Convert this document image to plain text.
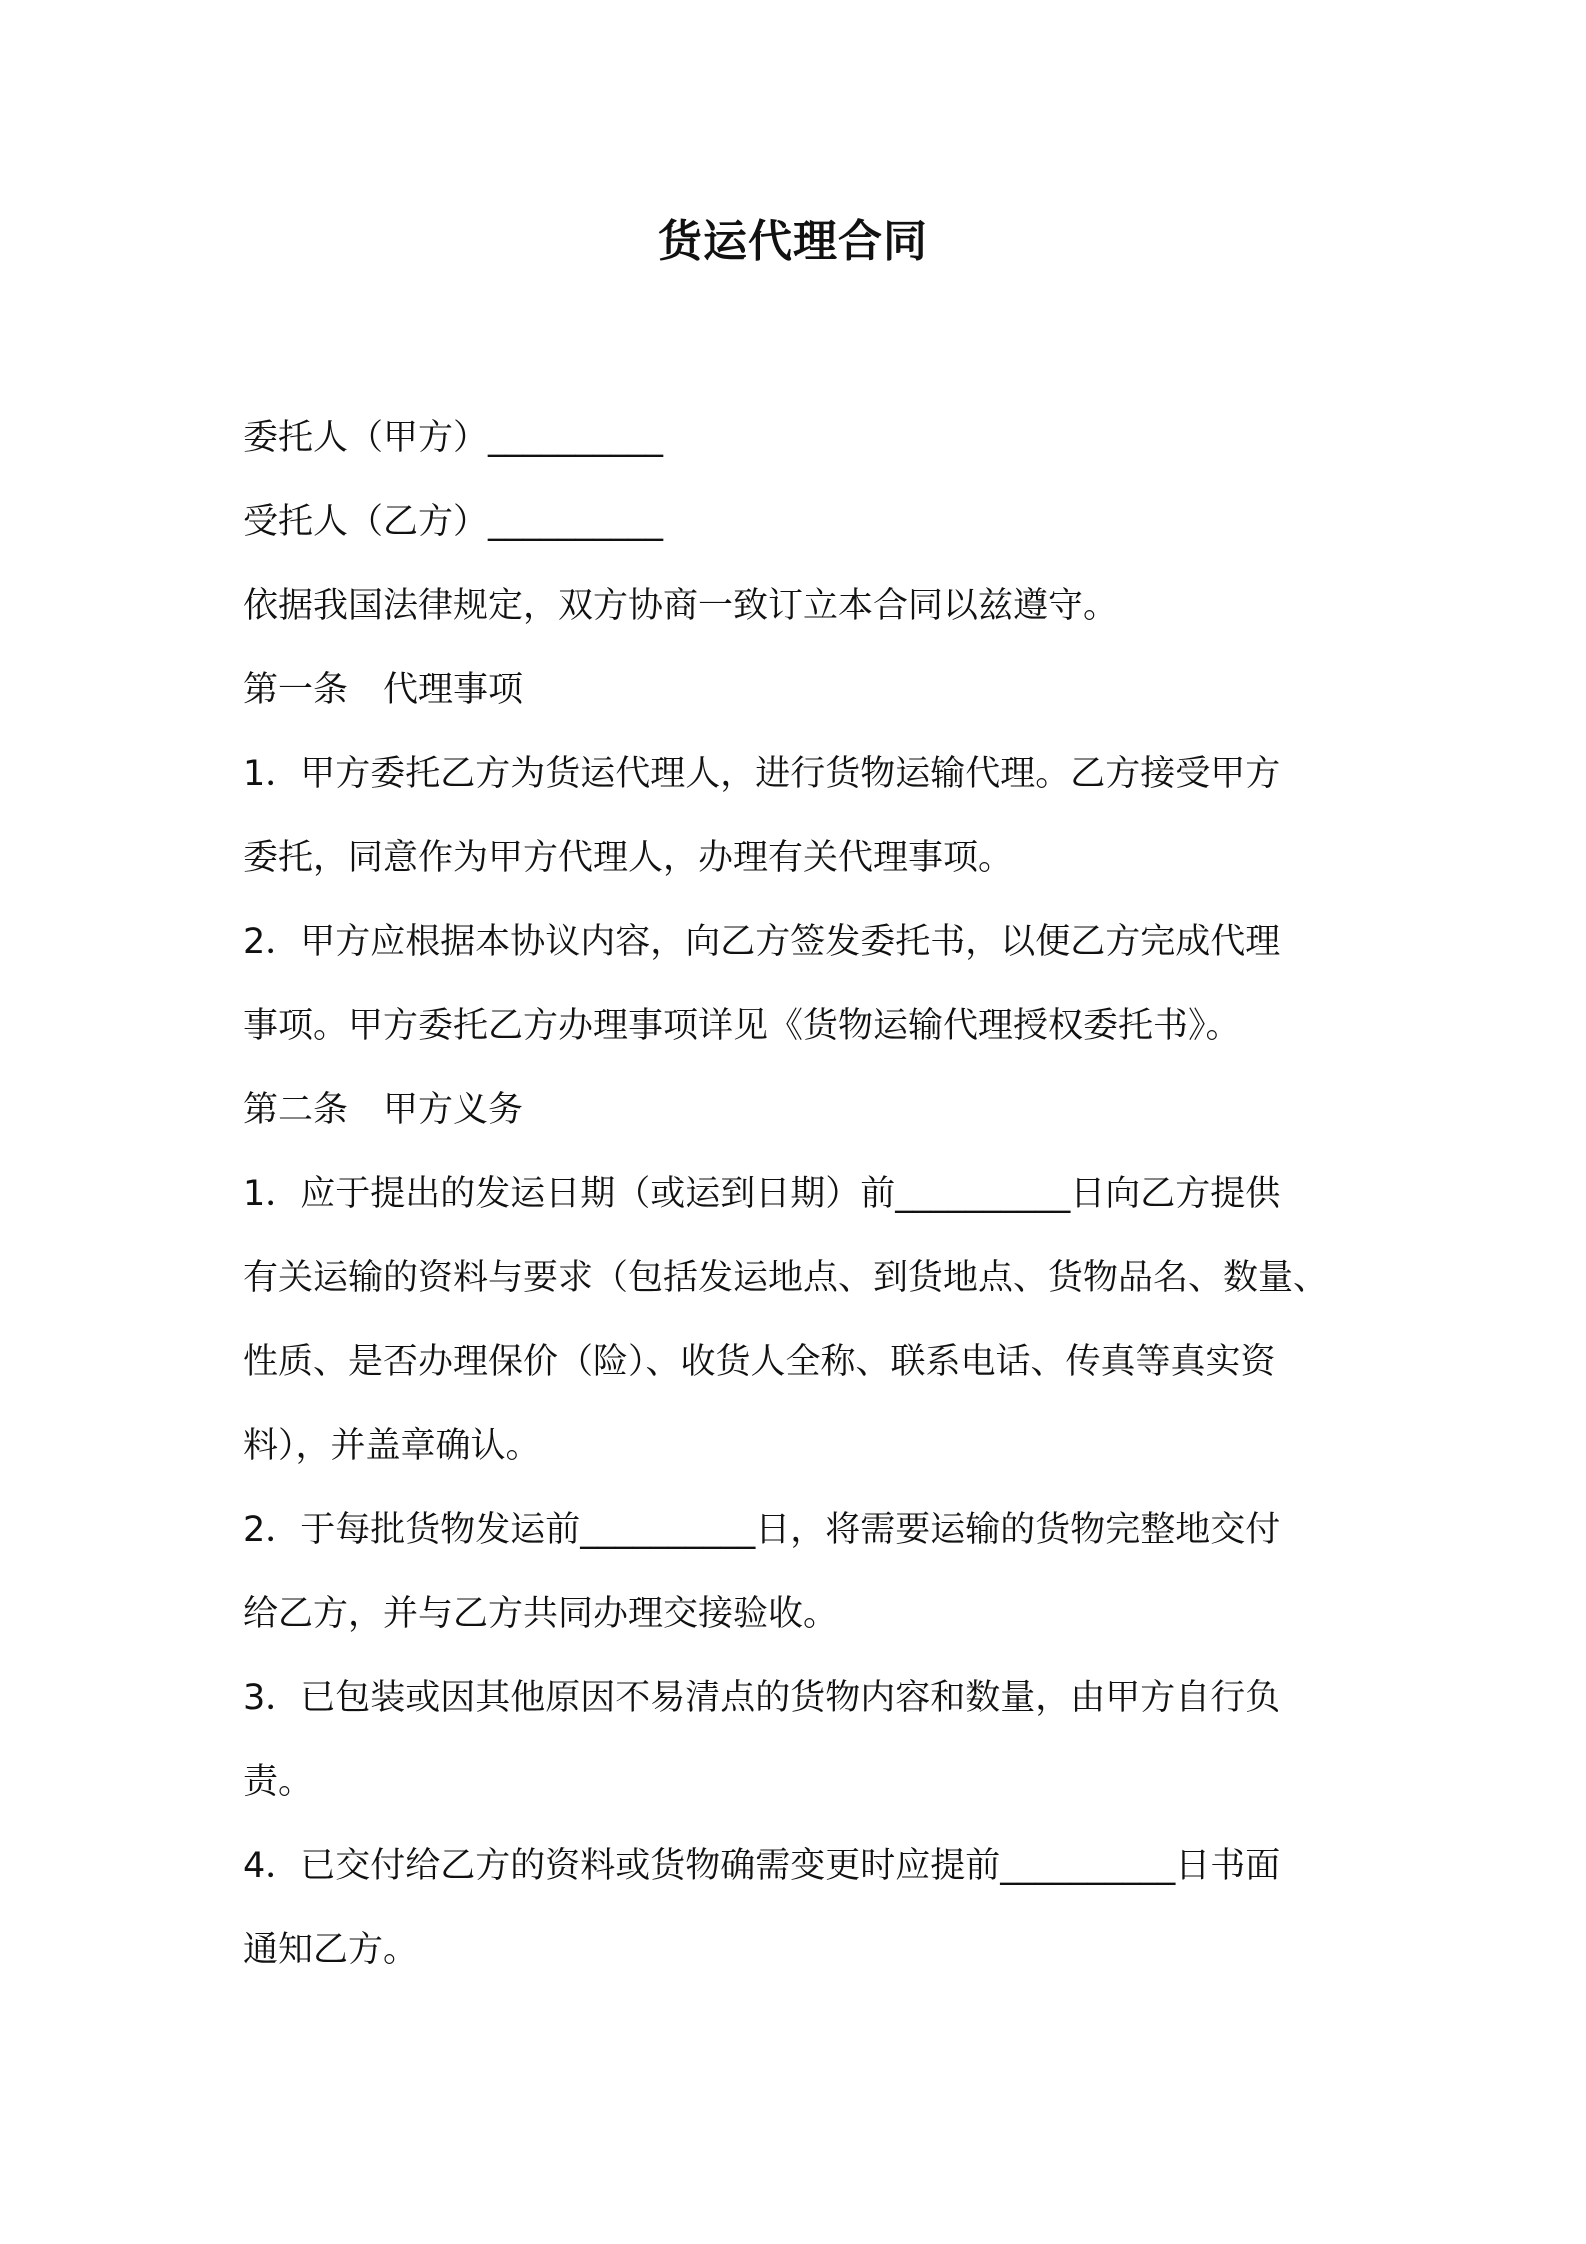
货运代理合同
委托人（甲方）__________
受托人（乙方）__________
依据我国法律规定，双方协商一致订立本合同以兹遵守。
第一条　代理事项
1．甲方委托乙方为货运代理人，进行货物运输代理。乙方接受甲方
委托，同意作为甲方代理人，办理有关代理事项。
2．甲方应根据本协议内容，向乙方签发委托书，以便乙方完成代理
事项。甲方委托乙方办理事项详见《货物运输代理授权委托书》。
第二条　甲方义务
1．应于提出的发运日期（或运到日期）前__________日向乙方提供
有关运输的资料与要求（包括发运地点、到货地点、货物品名、数量、
性质、是否办理保价（险）、收货人全称、联系电话、传真等真实资
料），并盖章确认。
2．于每批货物发运前__________日，将需要运输的货物完整地交付
给乙方，并与乙方共同办理交接验收。
3．已包装或因其他原因不易清点的货物内容和数量，由甲方自行负
责。
4．已交付给乙方的资料或货物确需变更时应提前__________日书面
通知乙方。
